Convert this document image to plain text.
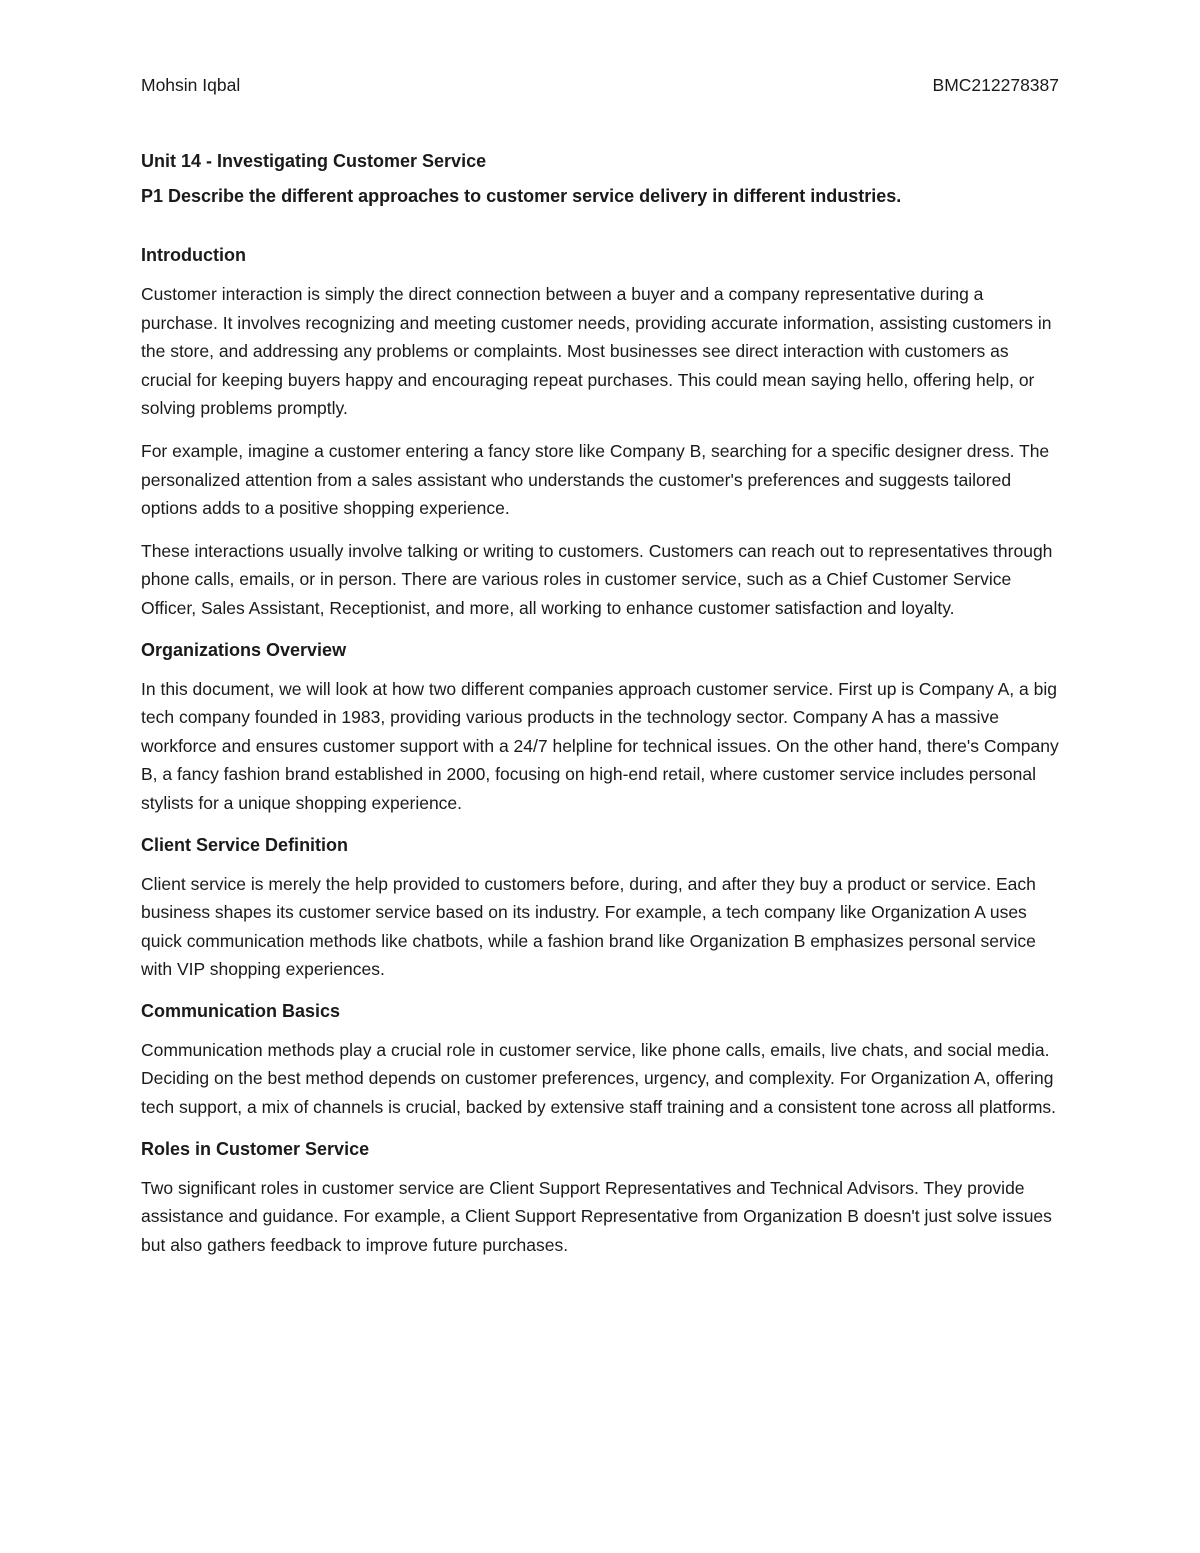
Mohsin Iqbal	BMC212278387
Unit 14 - Investigating Customer Service
P1 Describe the different approaches to customer service delivery in different industries.
Introduction

Customer interaction is simply the direct connection between a buyer and a company representative during a purchase. It involves recognizing and meeting customer needs, providing accurate information, assisting customers in the store, and addressing any problems or complaints. Most businesses see direct interaction with customers as crucial for keeping buyers happy and encouraging repeat purchases. This could mean saying hello, offering help, or solving problems promptly.

For example, imagine a customer entering a fancy store like Company B, searching for a specific designer dress. The personalized attention from a sales assistant who understands the customer's preferences and suggests tailored options adds to a positive shopping experience.

These interactions usually involve talking or writing to customers. Customers can reach out to representatives through phone calls, emails, or in person. There are various roles in customer service, such as a Chief Customer Service Officer, Sales Assistant, Receptionist, and more, all working to enhance customer satisfaction and loyalty.

Organizations Overview

In this document, we will look at how two different companies approach customer service. First up is Company A, a big tech company founded in 1983, providing various products in the technology sector. Company A has a massive workforce and ensures customer support with a 24/7 helpline for technical issues. On the other hand, there's Company B, a fancy fashion brand established in 2000, focusing on high-end retail, where customer service includes personal stylists for a unique shopping experience.

Client Service Definition

Client service is merely the help provided to customers before, during, and after they buy a product or service. Each business shapes its customer service based on its industry. For example, a tech company like Organization A uses quick communication methods like chatbots, while a fashion brand like Organization B emphasizes personal service with VIP shopping experiences.

Communication Basics

Communication methods play a crucial role in customer service, like phone calls, emails, live chats, and social media. Deciding on the best method depends on customer preferences, urgency, and complexity. For Organization A, offering tech support, a mix of channels is crucial, backed by extensive staff training and a consistent tone across all platforms.

Roles in Customer Service

Two significant roles in customer service are Client Support Representatives and Technical Advisors. They provide assistance and guidance. For example, a Client Support Representative from Organization B doesn't just solve issues but also gathers feedback to improve future purchases.
